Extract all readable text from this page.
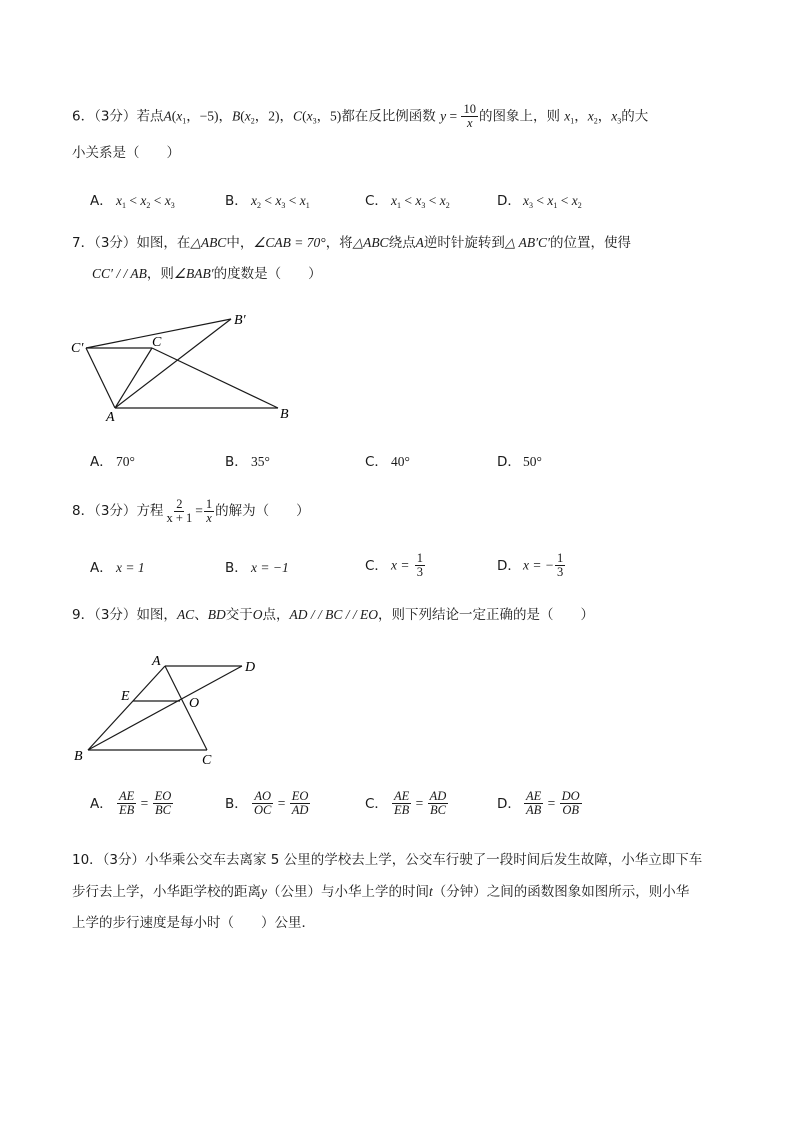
6．（3分）若点$A(x_1$，−5)，$B(x_2$，2)，$C(x_3$，5)都在反比例函数 $y = \frac{10}{x}$ 的图象上，则 $x_1$，$x_2$，$x_3$的大
小关系是（　　）
A． $x_1 < x_2 < x_3$	B． $x_2 < x_3 < x_1$	C． $x_1 < x_3 < x_2$	D． $x_3 < x_1 < x_2$
7．（3分）如图，在△ABC中，∠CAB = 70°，将△ABC绕点A逆时针旋转到△ AB′C′的位置，使得
CC′ / / AB，则∠BAB′的度数是（　　）
C′	C
B′
A	B
A． 70°	B． 35°	C． 40°	D． 50°
8．（3分）方程 $\frac{2}{x + 1} = \frac{1}{x}$ 的解为（　　）
A． x = 1	B． x = −1	C． $x = \frac{1}{3}$	D． x = − $\frac{1}{3}$
9．（3分）如图，AC、BD交于O点，AD / / BC / / EO，则下列结论一定正确的是（　　）
A	D
E	O
B	C
A． $\frac{AE}{EB} = \frac{EO}{BC}$	B． $\frac{AO}{OC} = \frac{EO}{AD}$	C． $\frac{AE}{EB} = \frac{AD}{BC}$	D． $\frac{AE}{AB} = \frac{DO}{OB}$
10．（3分）小华乘公交车去离家 5 公里的学校去上学，公交车行驶了一段时间后发生故障，小华立即下车
步行去上学，小华距学校的距离y（公里）与小华上学的时间t（分钟）之间的函数图象如图所示，则小华
上学的步行速度是每小时（　　）公里．
